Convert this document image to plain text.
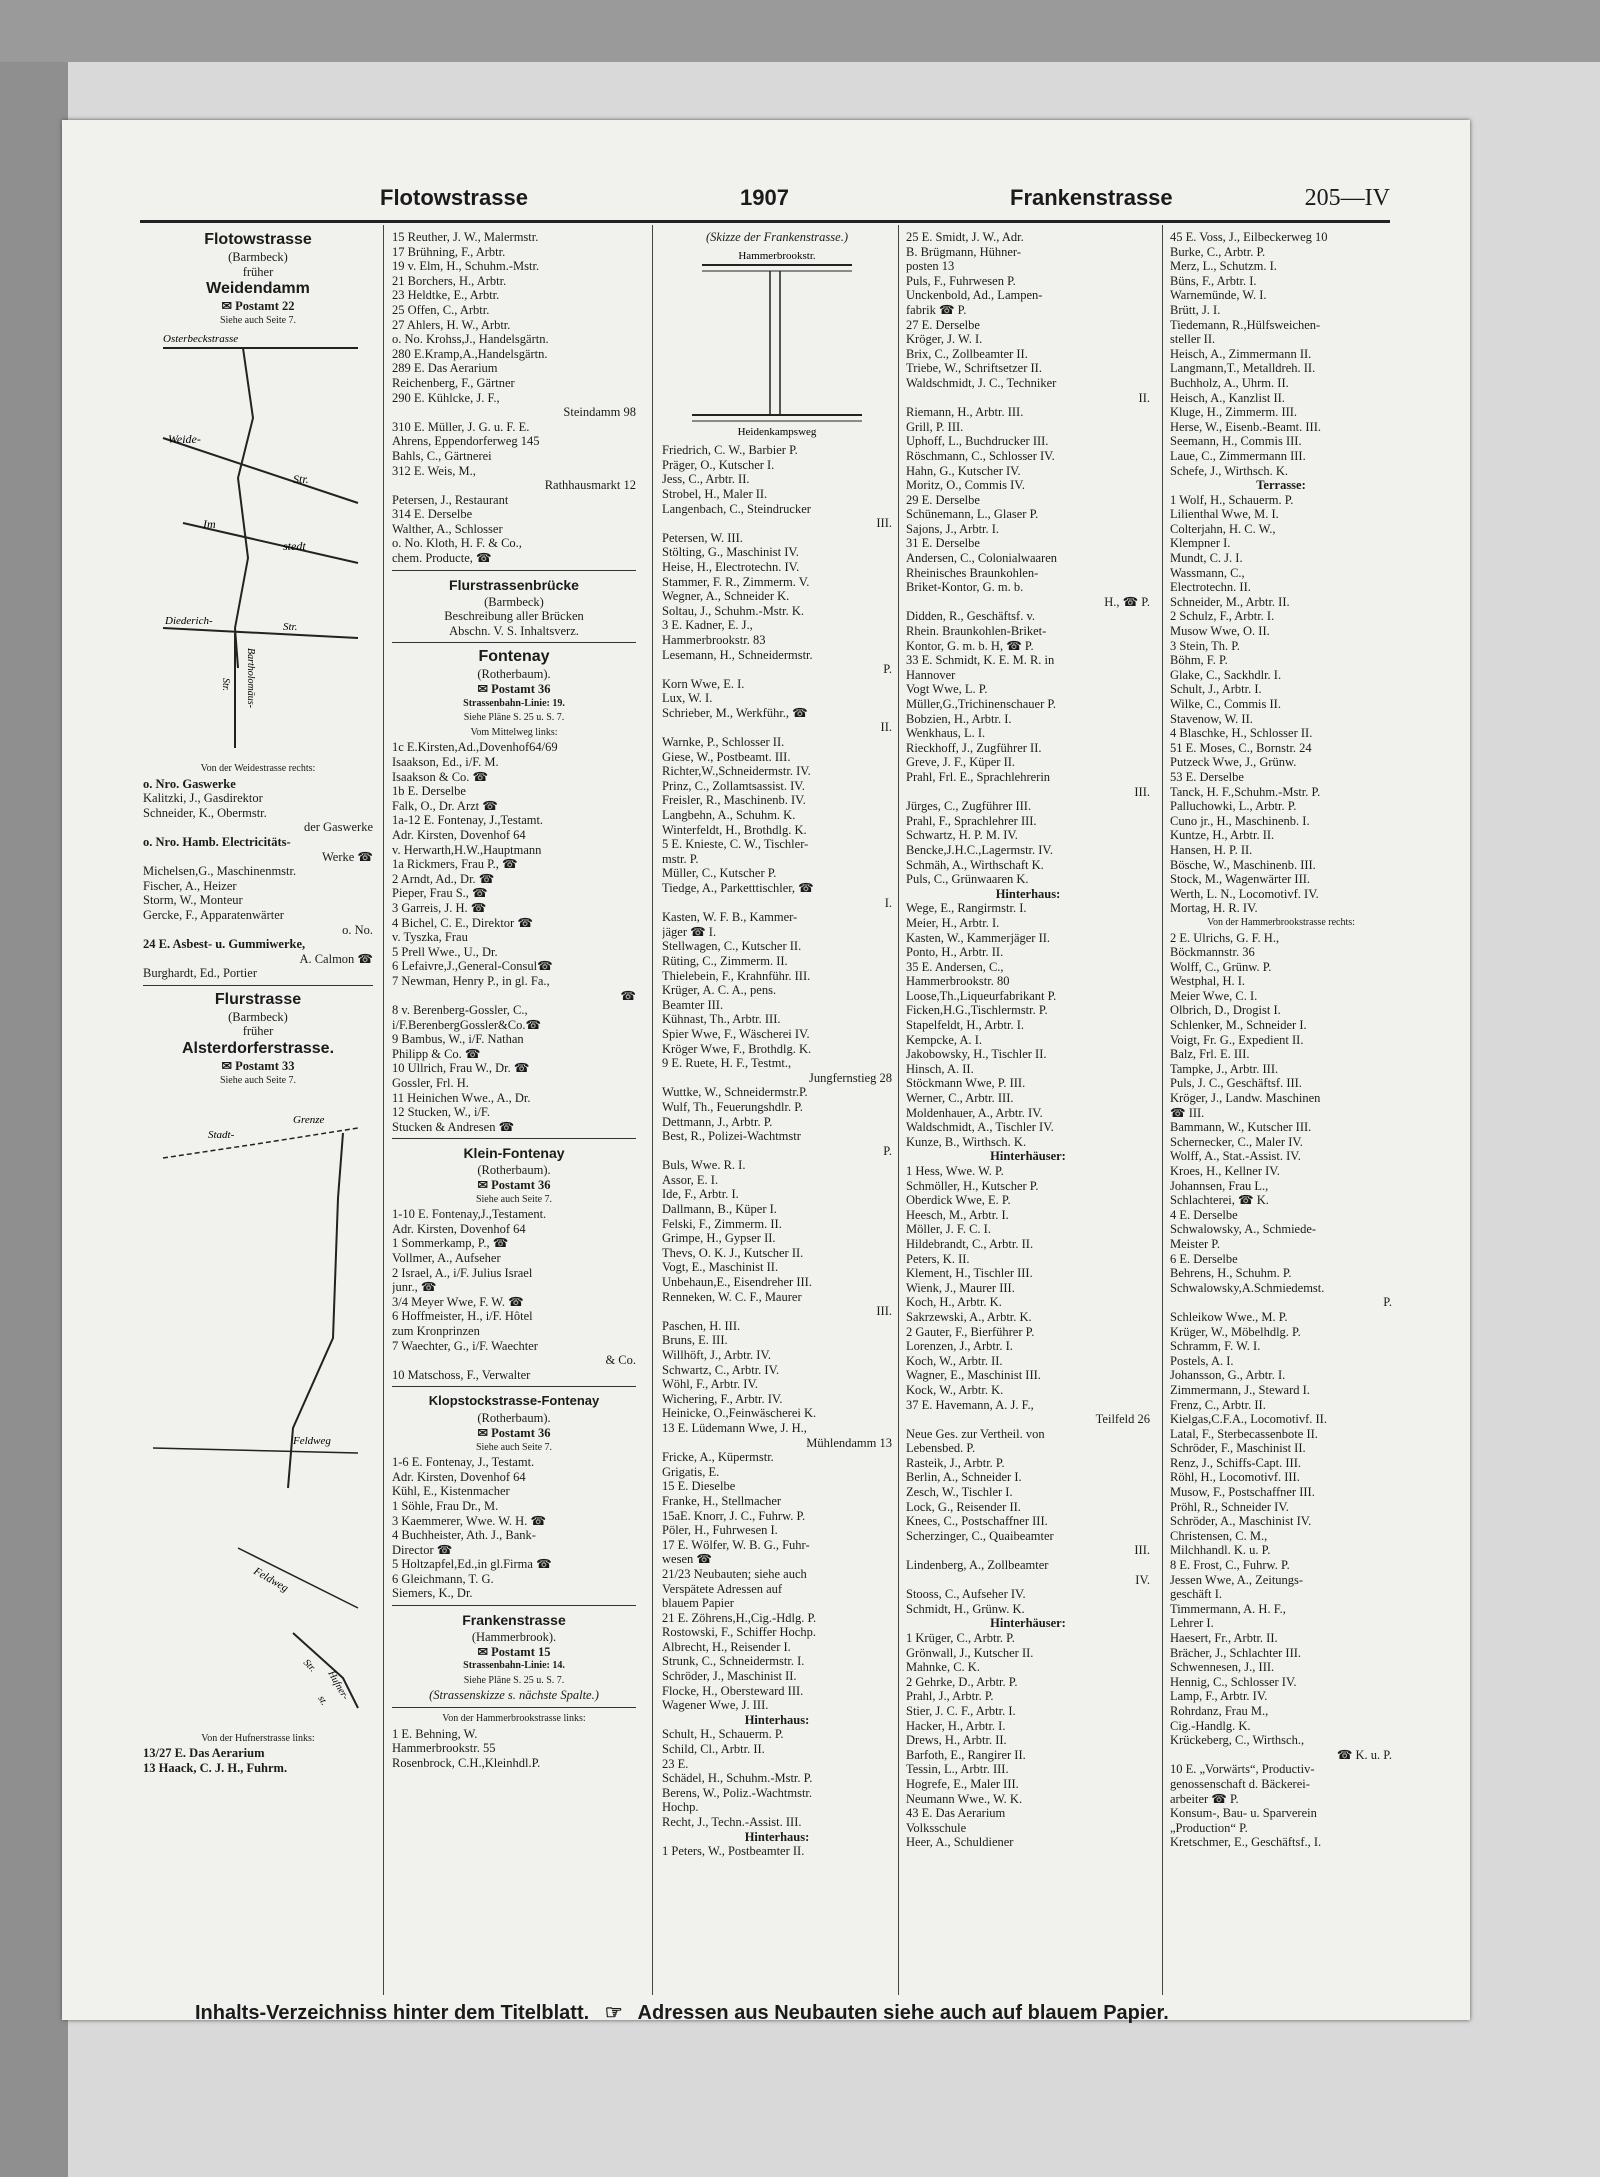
Flotowstrasse	1907	Frankenstrasse	205—IV
Flotowstrasse
(Barmbeck)
früher
Weidendamm
✉ Postamt 22
Siehe auch Seite 7.
Osterbeckstrasse
Weide-
Str.
Im
stedt
Diederich-	Str.
Bartholomäus-
Str.
Von der Weidestrasse rechts:
o. Nro. Gaswerke
Kalitzki, J., Gasdirektor
Schneider, K., Obermstr.
der Gaswerke
o. Nro. Hamb. Electricitäts-
Werke ☎
Michelsen,G., Maschinenmstr.
Fischer, A., Heizer
Storm, W., Monteur
Gercke, F., Apparatenwärter
o. No.
24 E. Asbest- u. Gummiwerke,
A. Calmon ☎
Burghardt, Ed., Portier
Flurstrasse
(Barmbeck)
früher
Alsterdorferstrasse.
✉ Postamt 33
Siehe auch Seite 7.
Stadt-
Grenze
Feldweg
Feldweg
Str.
Hufner-
st.
Von der Hufnerstrasse links:
13/27 E. Das Aerarium
13 Haack, C. J. H., Fuhrm.
15 Reuther, J. W., Malermstr.
17 Brühning, F., Arbtr.
19 v. Elm, H., Schuhm.-Mstr.
21 Borchers, H., Arbtr.
23 Heldtke, E., Arbtr.
25 Offen, C., Arbtr.
27 Ahlers, H. W., Arbtr.
o. No. Krohss,J., Handelsgärtn.
280 E.Kramp,A.,Handelsgärtn.
289 E. Das Aerarium
Reichenberg, F., Gärtner
290 E. Kühlcke, J. F.,
Steindamm 98
310 E. Müller, J. G. u. F. E.
Ahrens, Eppendorferweg 145
Bahls, C., Gärtnerei
312 E. Weis, M.,
Rathhausmarkt 12
Petersen, J., Restaurant
314 E. Derselbe
Walther, A., Schlosser
o. No. Kloth, H. F. & Co.,
chem. Producte, ☎
Flurstrassenbrücke
(Barmbeck)
Beschreibung aller Brücken
Abschn. V. S. Inhaltsverz.
Fontenay
(Rotherbaum).
✉ Postamt 36
Strassenbahn-Linie: 19.
Siehe Pläne S. 25 u. S. 7.
Vom Mittelweg links:
1c E.Kirsten,Ad.,Dovenhof64/69
Isaakson, Ed., i/F. M.
Isaakson & Co. ☎
1b E. Derselbe
Falk, O., Dr. Arzt ☎
1a-12 E. Fontenay, J.,Testamt.
Adr. Kirsten, Dovenhof 64
v. Herwarth,H.W.,Hauptmann
1a Rickmers, Frau P., ☎
2 Arndt, Ad., Dr. ☎
Pieper, Frau S., ☎
3 Garreis, J. H. ☎
4 Bichel, C. E., Direktor ☎
v. Tyszka, Frau
5 Prell Wwe., U., Dr.
6 Lefaivre,J.,General-Consul☎
7 Newman, Henry P., in gl. Fa.,
☎
8 v. Berenberg-Gossler, C.,
i/F.BerenbergGossler&Co.☎
9 Bambus, W., i/F. Nathan
Philipp & Co. ☎
10 Ullrich, Frau W., Dr. ☎
Gossler, Frl. H.
11 Heinichen Wwe., A., Dr.
12 Stucken, W., i/F.
Stucken & Andresen ☎
Klein-Fontenay
(Rotherbaum).
✉ Postamt 36
Siehe auch Seite 7.
1-10 E. Fontenay,J.,Testament.
Adr. Kirsten, Dovenhof 64
1 Sommerkamp, P., ☎
Vollmer, A., Aufseher
2 Israel, A., i/F. Julius Israel
junr., ☎
3/4 Meyer Wwe, F. W. ☎
6 Hoffmeister, H., i/F. Hôtel
zum Kronprinzen
7 Waechter, G., i/F. Waechter
& Co.
10 Matschoss, F., Verwalter
Klopstockstrasse-Fontenay
(Rotherbaum).
✉ Postamt 36
Siehe auch Seite 7.
1-6 E. Fontenay, J., Testamt.
Adr. Kirsten, Dovenhof 64
Kühl, E., Kistenmacher
1 Söhle, Frau Dr., M.
3 Kaemmerer, Wwe. W. H. ☎
4 Buchheister, Ath. J., Bank-
Director ☎
5 Holtzapfel,Ed.,in gl.Firma ☎
6 Gleichmann, T. G.
Siemers, K., Dr.
Frankenstrasse
(Hammerbrook).
✉ Postamt 15
Strassenbahn-Linie: 14.
Siehe Pläne S. 25 u. S. 7.
(Strassenskizze s. nächste Spalte.)
Von der Hammerbrookstrasse links:
1 E. Behning, W.
Hammerbrookstr. 55
Rosenbrock, C.H.,Kleinhdl.P.
(Skizze der Frankenstrasse.)
Hammerbrookstr.
Heidenkampsweg
Friedrich, C. W., Barbier P.
Präger, O., Kutscher I.
Jess, C., Arbtr. II.
Strobel, H., Maler II.
Langenbach, C., Steindrucker
III.
Petersen, W. III.
Stölting, G., Maschinist IV.
Heise, H., Electrotechn. IV.
Stammer, F. R., Zimmerm. V.
Wegner, A., Schneider K.
Soltau, J., Schuhm.-Mstr. K.
3 E. Kadner, E. J.,
Hammerbrookstr. 83
Lesemann, H., Schneidermstr.
P.
Korn Wwe, E. I.
Lux, W. I.
Schrieber, M., Werkführ., ☎
II.
Warnke, P., Schlosser II.
Giese, W., Postbeamt. III.
Richter,W.,Schneidermstr. IV.
Prinz, C., Zollamtsassist. IV.
Freisler, R., Maschinenb. IV.
Langbehn, A., Schuhm. K.
Winterfeldt, H., Brothdlg. K.
5 E. Knieste, C. W., Tischler-
mstr. P.
Müller, C., Kutscher P.
Tiedge, A., Parketttischler, ☎
I.
Kasten, W. F. B., Kammer-
jäger ☎ I.
Stellwagen, C., Kutscher II.
Rüting, C., Zimmerm. II.
Thielebein, F., Krahnführ. III.
Krüger, A. C. A., pens.
Beamter III.
Kühnast, Th., Arbtr. III.
Spier Wwe, F., Wäscherei IV.
Kröger Wwe, F., Brothdlg. K.
9 E. Ruete, H. F., Testmt.,
Jungfernstieg 28
Wuttke, W., Schneidermstr.P.
Wulf, Th., Feuerungshdlr. P.
Dettmann, J., Arbtr. P.
Best, R., Polizei-Wachtmstr
P.
Buls, Wwe. R. I.
Assor, E. I.
Ide, F., Arbtr. I.
Dallmann, B., Küper I.
Felski, F., Zimmerm. II.
Grimpe, H., Gypser II.
Thevs, O. K. J., Kutscher II.
Vogt, E., Maschinist II.
Unbehaun,E., Eisendreher III.
Renneken, W. C. F., Maurer
III.
Paschen, H. III.
Bruns, E. III.
Willhöft, J., Arbtr. IV.
Schwartz, C., Arbtr. IV.
Wöhl, F., Arbtr. IV.
Wichering, F., Arbtr. IV.
Heinicke, O.,Feinwäscherei K.
13 E. Lüdemann Wwe, J. H.,
Mühlendamm 13
Fricke, A., Küpermstr.
Grigatis, E.
15 E. Dieselbe
Franke, H., Stellmacher
15aE. Knorr, J. C., Fuhrw. P.
Pöler, H., Fuhrwesen I.
17 E. Wölfer, W. B. G., Fuhr-
wesen ☎
21/23 Neubauten; siehe auch
Verspätete Adressen auf
blauem Papier
21 E. Zöhrens,H.,Cig.-Hdlg. P.
Rostowski, F., Schiffer Hochp.
Albrecht, H., Reisender I.
Strunk, C., Schneidermstr. I.
Schröder, J., Maschinist II.
Flocke, H., Obersteward III.
Wagener Wwe, J. III.
Hinterhaus:
Schult, H., Schauerm. P.
Schild, Cl., Arbtr. II.
23 E.
Schädel, H., Schuhm.-Mstr. P.
Berens, W., Poliz.-Wachtmstr.
Hochp.
Recht, J., Techn.-Assist. III.
Hinterhaus:
1 Peters, W., Postbeamter II.
25 E. Smidt, J. W., Adr.
B. Brügmann, Hühner-
posten 13
Puls, F., Fuhrwesen P.
Unckenbold, Ad., Lampen-
fabrik ☎ P.
27 E. Derselbe
Kröger, J. W. I.
Brix, C., Zollbeamter II.
Triebe, W., Schriftsetzer II.
Waldschmidt, J. C., Techniker
II.
Riemann, H., Arbtr. III.
Grill, P. III.
Uphoff, L., Buchdrucker III.
Röschmann, C., Schlosser IV.
Hahn, G., Kutscher IV.
Moritz, O., Commis IV.
29 E. Derselbe
Schünemann, L., Glaser P.
Sajons, J., Arbtr. I.
31 E. Derselbe
Andersen, C., Colonialwaaren
Rheinisches Braunkohlen-
Briket-Kontor, G. m. b.
H., ☎ P.
Didden, R., Geschäftsf. v.
Rhein. Braunkohlen-Briket-
Kontor, G. m. b. H, ☎ P.
33 E. Schmidt, K. E. M. R. in
Hannover
Vogt Wwe, L. P.
Müller,G.,Trichinenschauer P.
Bobzien, H., Arbtr. I.
Wenkhaus, L. I.
Rieckhoff, J., Zugführer II.
Greve, J. F., Küper II.
Prahl, Frl. E., Sprachlehrerin
III.
Jürges, C., Zugführer III.
Prahl, F., Sprachlehrer III.
Schwartz, H. P. M. IV.
Bencke,J.H.C.,Lagermstr. IV.
Schmäh, A., Wirthschaft K.
Puls, C., Grünwaaren K.
Hinterhaus:
Wege, E., Rangirmstr. I.
Meier, H., Arbtr. I.
Kasten, W., Kammerjäger II.
Ponto, H., Arbtr. II.
35 E. Andersen, C.,
Hammerbrookstr. 80
Loose,Th.,Liqueurfabrikant P.
Ficken,H.G.,Tischlermstr. P.
Stapelfeldt, H., Arbtr. I.
Kempcke, A. I.
Jakobowsky, H., Tischler II.
Hinsch, A. II.
Stöckmann Wwe, P. III.
Werner, C., Arbtr. III.
Moldenhauer, A., Arbtr. IV.
Waldschmidt, A., Tischler IV.
Kunze, B., Wirthsch. K.
Hinterhäuser:
1 Hess, Wwe. W. P.
Schmöller, H., Kutscher P.
Oberdick Wwe, E. P.
Heesch, M., Arbtr. I.
Möller, J. F. C. I.
Hildebrandt, C., Arbtr. II.
Peters, K. II.
Klement, H., Tischler III.
Wienk, J., Maurer III.
Koch, H., Arbtr. K.
Sakrzewski, A., Arbtr. K.
2 Gauter, F., Bierführer P.
Lorenzen, J., Arbtr. I.
Koch, W., Arbtr. II.
Wagner, E., Maschinist III.
Kock, W., Arbtr. K.
37 E. Havemann, A. J. F.,
Teilfeld 26
Neue Ges. zur Vertheil. von
Lebensbed. P.
Rasteik, J., Arbtr. P.
Berlin, A., Schneider I.
Zesch, W., Tischler I.
Lock, G., Reisender II.
Knees, C., Postschaffner III.
Scherzinger, C., Quaibeamter
III.
Lindenberg, A., Zollbeamter
IV.
Stooss, C., Aufseher IV.
Schmidt, H., Grünw. K.
Hinterhäuser:
1 Krüger, C., Arbtr. P.
Grönwall, J., Kutscher II.
Mahnke, C. K.
2 Gehrke, D., Arbtr. P.
Prahl, J., Arbtr. P.
Stier, J. C. F., Arbtr. I.
Hacker, H., Arbtr. I.
Drews, H., Arbtr. II.
Barfoth, E., Rangirer II.
Tessin, L., Arbtr. III.
Hogrefe, E., Maler III.
Neumann Wwe., W. K.
43 E. Das Aerarium
Volksschule
Heer, A., Schuldiener
45 E. Voss, J., Eilbeckerweg 10
Burke, C., Arbtr. P.
Merz, L., Schutzm. I.
Büns, F., Arbtr. I.
Warnemünde, W. I.
Brütt, J. I.
Tiedemann, R.,Hülfsweichen-
steller II.
Heisch, A., Zimmermann II.
Langmann,T., Metalldreh. II.
Buchholz, A., Uhrm. II.
Heisch, A., Kanzlist II.
Kluge, H., Zimmerm. III.
Herse, W., Eisenb.-Beamt. III.
Seemann, H., Commis III.
Laue, C., Zimmermann III.
Schefe, J., Wirthsch. K.
Terrasse:
1 Wolf, H., Schauerm. P.
Lilienthal Wwe, M. I.
Colterjahn, H. C. W.,
Klempner I.
Mundt, C. J. I.
Wassmann, C.,
Electrotechn. II.
Schneider, M., Arbtr. II.
2 Schulz, F., Arbtr. I.
Musow Wwe, O. II.
3 Stein, Th. P.
Böhm, F. P.
Glake, C., Sackhdlr. I.
Schult, J., Arbtr. I.
Wilke, C., Commis II.
Stavenow, W. II.
4 Blaschke, H., Schlosser II.
51 E. Moses, C., Bornstr. 24
Putzeck Wwe, J., Grünw.
53 E. Derselbe
Tanck, H. F.,Schuhm.-Mstr. P.
Palluchowki, L., Arbtr. P.
Cuno jr., H., Maschinenb. I.
Kuntze, H., Arbtr. II.
Hansen, H. P. II.
Bösche, W., Maschinenb. III.
Stock, M., Wagenwärter III.
Werth, L. N., Locomotivf. IV.
Mortag, H. R. IV.
Von der Hammerbrookstrasse rechts:
2 E. Ulrichs, G. F. H.,
Böckmannstr. 36
Wolff, C., Grünw. P.
Westphal, H. I.
Meier Wwe, C. I.
Olbrich, D., Drogist I.
Schlenker, M., Schneider I.
Voigt, Fr. G., Expedient II.
Balz, Frl. E. III.
Tampke, J., Arbtr. III.
Puls, J. C., Geschäftsf. III.
Kröger, J., Landw. Maschinen
☎ III.
Bammann, W., Kutscher III.
Schernecker, C., Maler IV.
Wolff, A., Stat.-Assist. IV.
Kroes, H., Kellner IV.
Johannsen, Frau L.,
Schlachterei, ☎ K.
4 E. Derselbe
Schwalowsky, A., Schmiede-
Meister P.
6 E. Derselbe
Behrens, H., Schuhm. P.
Schwalowsky,A.Schmiedemst.
P.
Schleikow Wwe., M. P.
Krüger, W., Möbelhdlg. P.
Schramm, F. W. I.
Postels, A. I.
Johansson, G., Arbtr. I.
Zimmermann, J., Steward I.
Frenz, C., Arbtr. II.
Kielgas,C.F.A., Locomotivf. II.
Latal, F., Sterbecassenbote II.
Schröder, F., Maschinist II.
Renz, J., Schiffs-Capt. III.
Röhl, H., Locomotivf. III.
Musow, F., Postschaffner III.
Pröhl, R., Schneider IV.
Schröder, A., Maschinist IV.
Christensen, C. M.,
Milchhandl. K. u. P.
8 E. Frost, C., Fuhrw. P.
Jessen Wwe, A., Zeitungs-
geschäft I.
Timmermann, A. H. F.,
Lehrer I.
Haesert, Fr., Arbtr. II.
Brächer, J., Schlachter III.
Schwennesen, J., III.
Hennig, C., Schlosser IV.
Lamp, F., Arbtr. IV.
Rohrdanz, Frau M.,
Cig.-Handlg. K.
Krückeberg, C., Wirthsch.,
☎ K. u. P.
10 E. „Vorwärts“, Productiv-
genossenschaft d. Bäckerei-
arbeiter ☎ P.
Konsum-, Bau- u. Sparverein
„Production“ P.
Kretschmer, E., Geschäftsf., I.
Inhalts-Verzeichniss hinter dem Titelblatt. ☞ Adressen aus Neubauten siehe auch auf blauem Papier.
